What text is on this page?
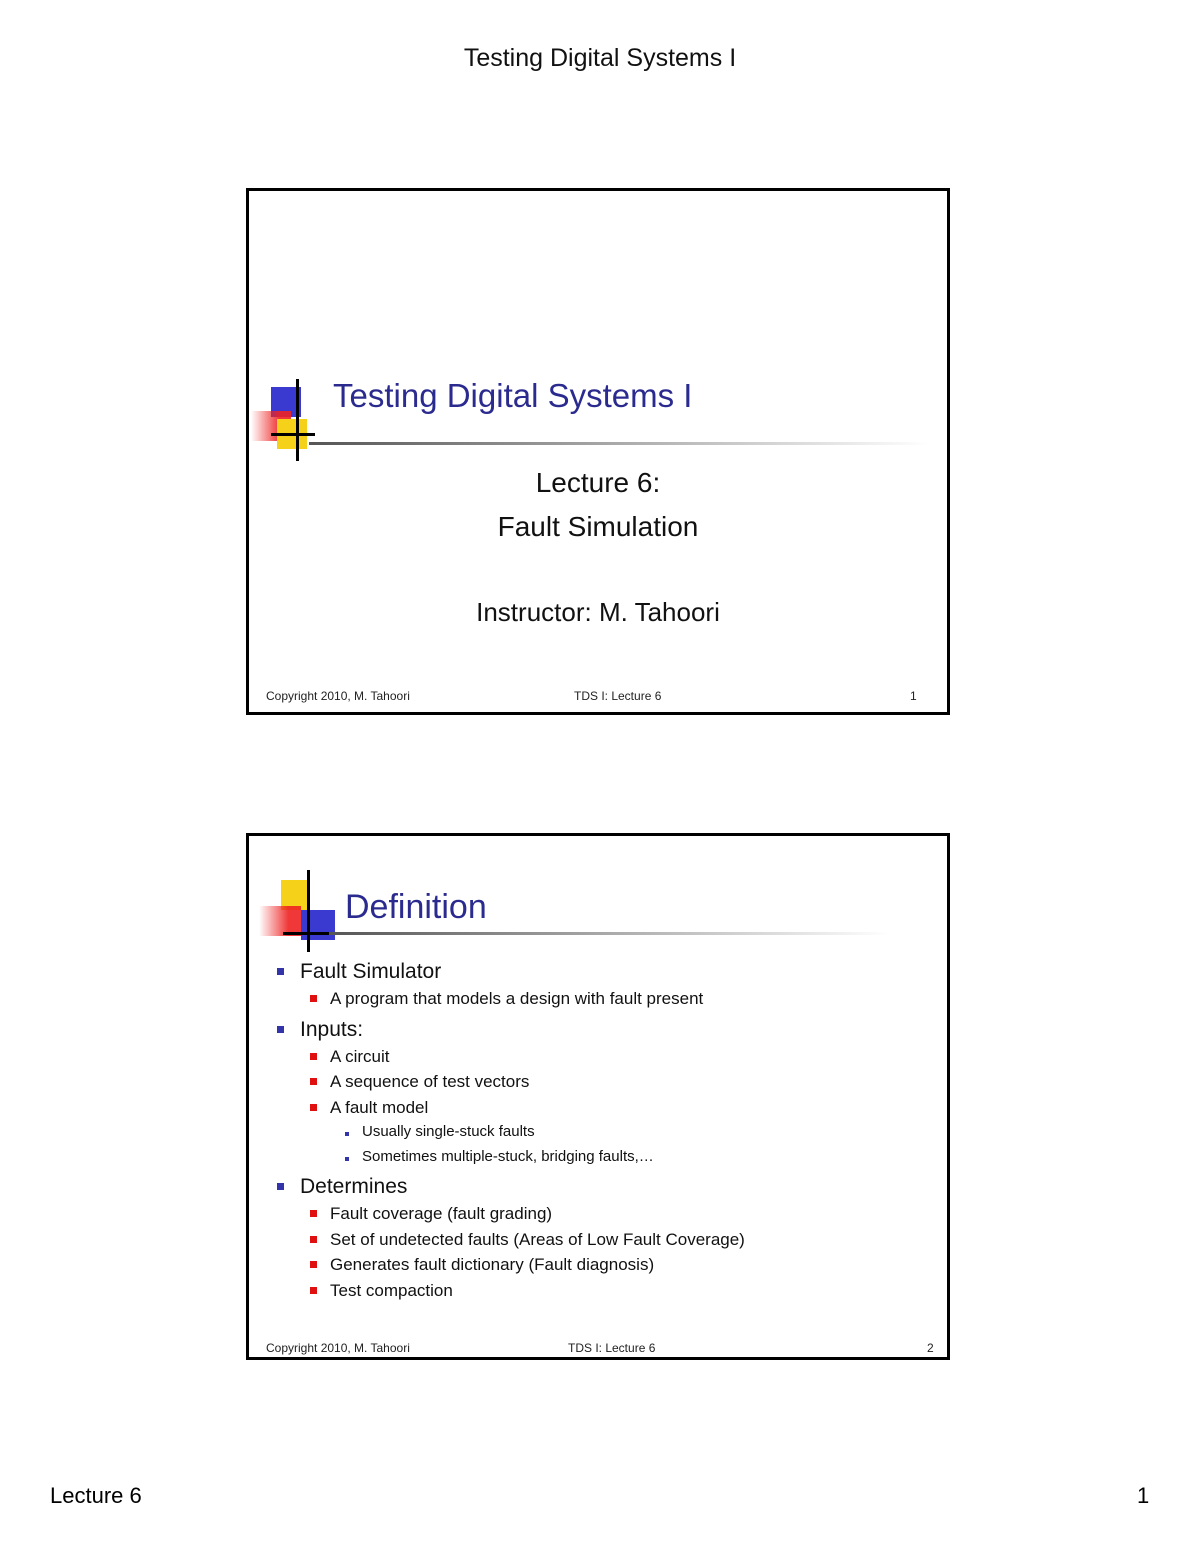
Testing Digital Systems I
Testing Digital Systems I
Lecture 6:
Fault Simulation
Instructor: M. Tahoori
Copyright 2010, M. Tahoori	TDS I: Lecture 6	1
Definition
Fault Simulator
A program that models a design with fault present
Inputs:
A circuit
A sequence of test vectors
A fault model
Usually single-stuck faults
Sometimes multiple-stuck, bridging faults,…
Determines
Fault coverage (fault grading)
Set of undetected faults (Areas of Low Fault Coverage)
Generates fault dictionary (Fault diagnosis)
Test compaction
Copyright 2010, M. Tahoori	TDS I: Lecture 6	2
Lecture 6	1
